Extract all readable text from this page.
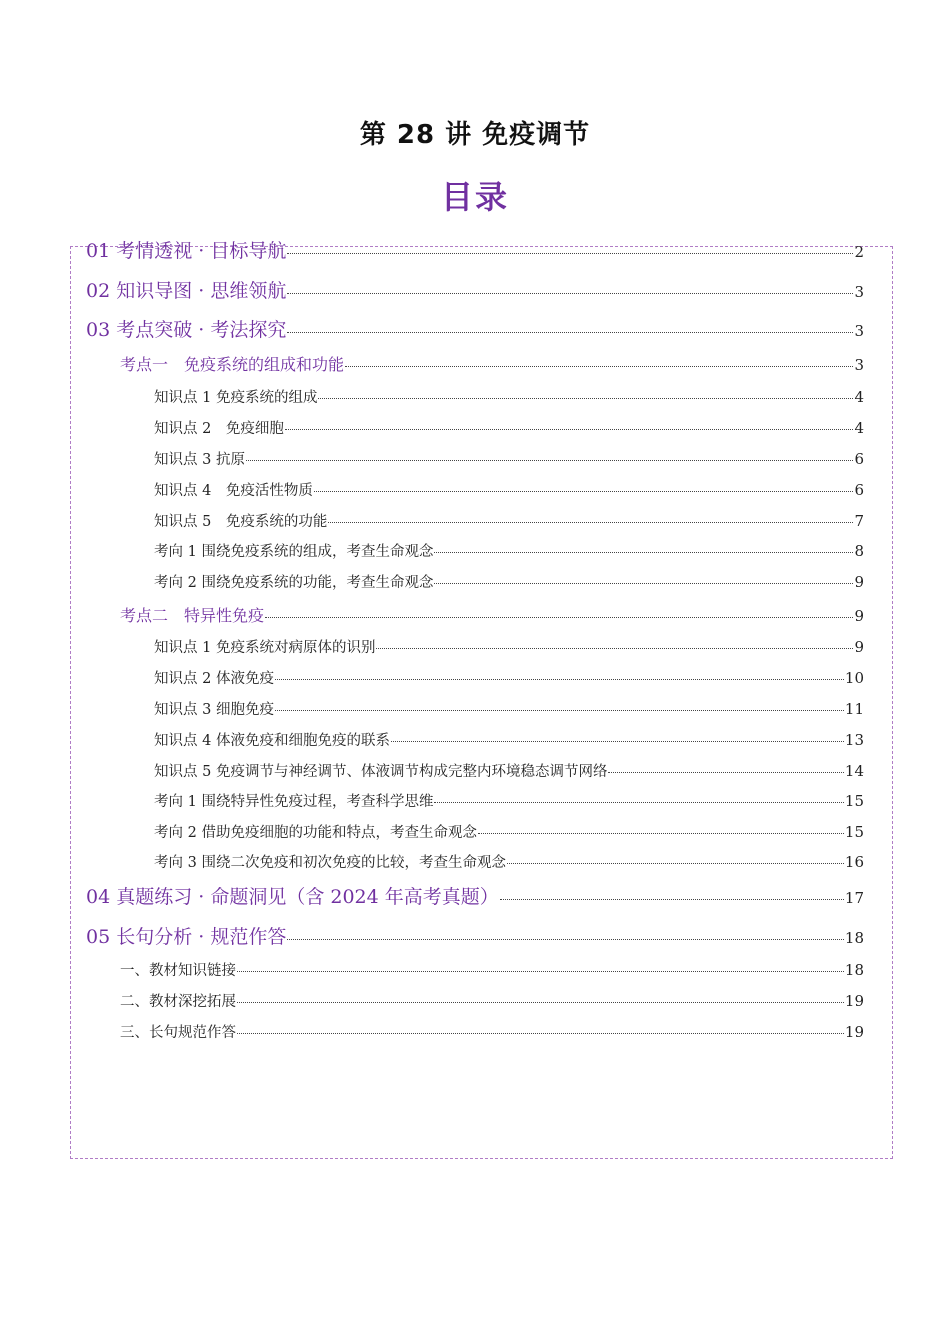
第 28 讲 免疫调节
目录
01 考情透视 · 目标导航	2
02 知识导图 · 思维领航	3
03 考点突破 · 考法探究	3
考点一　免疫系统的组成和功能	3
知识点 1 免疫系统的组成	4
知识点 2　免疫细胞	4
知识点 3 抗原	6
知识点 4　免疫活性物质	6
知识点 5　免疫系统的功能	7
考向 1 围绕免疫系统的组成，考查生命观念	8
考向 2 围绕免疫系统的功能，考查生命观念	9
考点二　特异性免疫	9
知识点 1 免疫系统对病原体的识别	9
知识点 2 体液免疫	10
知识点 3 细胞免疫	11
知识点 4 体液免疫和细胞免疫的联系	13
知识点 5 免疫调节与神经调节、体液调节构成完整内环境稳态调节网络	14
考向 1 围绕特异性免疫过程，考查科学思维	15
考向 2 借助免疫细胞的功能和特点，考查生命观念	15
考向 3 围绕二次免疫和初次免疫的比较，考查生命观念	16
04 真题练习 · 命题洞见（含 2024 年高考真题）	17
05 长句分析 · 规范作答	18
一、教材知识链接	18
二、教材深挖拓展	19
三、长句规范作答	19
